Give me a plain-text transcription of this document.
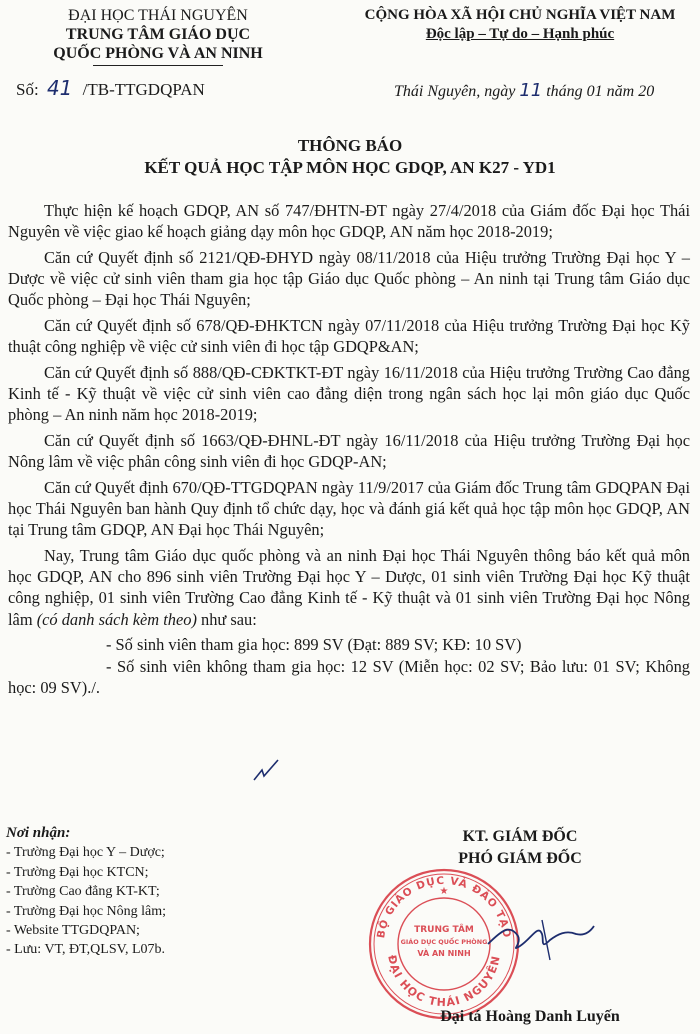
ĐẠI HỌC THÁI NGUYÊN
TRUNG TÂM GIÁO DỤC
QUỐC PHÒNG VÀ AN NINH
CỘNG HÒA XÃ HỘI CHỦ NGHĨA VIỆT NAM
Độc lập – Tự do – Hạnh phúc
Số: 41 /TB-TTGDQPAN	Thái Nguyên, ngày 11 tháng 01 năm 20
THÔNG BÁO
KẾT QUẢ HỌC TẬP MÔN HỌC GDQP, AN K27 - YD1

Thực hiện kế hoạch GDQP, AN số 747/ĐHTN-ĐT ngày 27/4/2018 của Giám đốc Đại học Thái Nguyên về việc giao kế hoạch giảng dạy môn học GDQP, AN năm học 2018-2019;

Căn cứ Quyết định số 2121/QĐ-ĐHYD ngày 08/11/2018 của Hiệu trưởng Trường Đại học Y – Dược về việc cử sinh viên tham gia học tập Giáo dục Quốc phòng – An ninh tại Trung tâm Giáo dục Quốc phòng – Đại học Thái Nguyên;

Căn cứ Quyết định số 678/QĐ-ĐHKTCN ngày 07/11/2018 của Hiệu trưởng Trường Đại học Kỹ thuật công nghiệp về việc cử sinh viên đi học tập GDQP&AN;

Căn cứ Quyết định số 888/QĐ-CĐKTKT-ĐT ngày 16/11/2018 của Hiệu trưởng Trường Cao đẳng Kinh tế - Kỹ thuật về việc cử sinh viên cao đẳng diện trong ngân sách học lại môn giáo dục Quốc phòng – An ninh năm học 2018-2019;

Căn cứ Quyết định số 1663/QĐ-ĐHNL-ĐT ngày 16/11/2018 của Hiệu trưởng Trường Đại học Nông lâm về việc phân công sinh viên đi học GDQP-AN;

Căn cứ Quyết định 670/QĐ-TTGDQPAN ngày 11/9/2017 của Giám đốc Trung tâm GDQPAN Đại học Thái Nguyên ban hành Quy định tổ chức dạy, học và đánh giá kết quả học tập môn học GDQP, AN tại Trung tâm GDQP, AN Đại học Thái Nguyên;

Nay, Trung tâm Giáo dục quốc phòng và an ninh Đại học Thái Nguyên thông báo kết quả môn học GDQP, AN cho 896 sinh viên Trường Đại học Y – Dược, 01 sinh viên Trường Đại học Kỹ thuật công nghiệp, 01 sinh viên Trường Cao đẳng Kinh tế - Kỹ thuật và 01 sinh viên Trường Đại học Nông lâm (có danh sách kèm theo) như sau:

- Số sinh viên tham gia học: 899 SV (Đạt: 889 SV; KĐ: 10 SV)

- Số sinh viên không tham gia học: 12 SV (Miễn học: 02 SV; Bảo lưu: 01 SV; Không học: 09 SV)./.

Nơi nhận:
- Trường Đại học Y – Dược;
- Trường Đại học KTCN;
- Trường Cao đẳng KT-KT;
- Trường Đại học Nông lâm;
- Website TTGDQPAN;
- Lưu: VT, ĐT,QLSV, L07b.
BỘ GIÁO DỤC VÀ ĐÀO TẠO
ĐẠI HỌC THÁI NGUYÊN
TRUNG TÂM
GIÁO DỤC QUỐC PHÒNG
VÀ AN NINH
★
KT. GIÁM ĐỐC
PHÓ GIÁM ĐỐC
Đại tá Hoàng Danh Luyến
